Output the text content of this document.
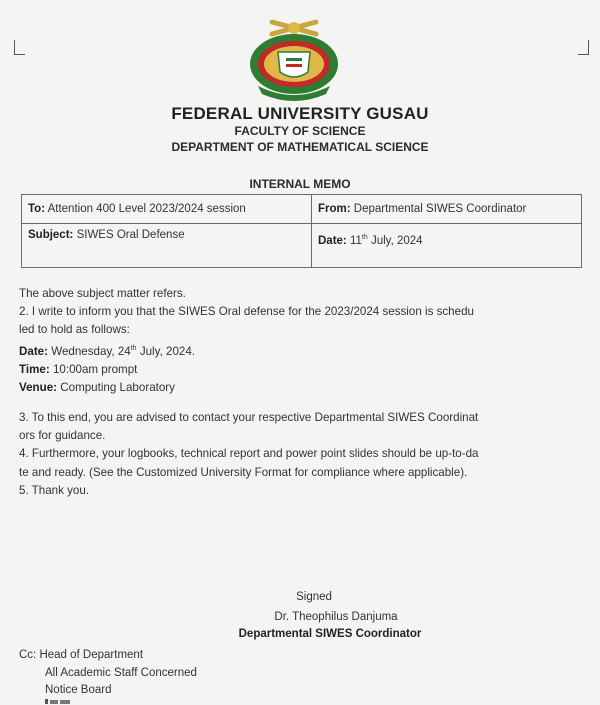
FEDERAL UNIVERSITY GUSAU
FACULTY OF SCIENCE
DEPARTMENT OF MATHEMATICAL SCIENCE
INTERNAL MEMO
To: Attention 400 Level 2023/2024 session	From: Departmental SIWES Coordinator
Subject: SIWES Oral Defense	Date: 11th July, 2024
The above subject matter refers.
2. I write to inform you that the SIWES Oral defense for the 2023/2024 session is schedu
led to hold as follows:
Date: Wednesday, 24th July, 2024.
Time: 10:00am prompt
Venue: Computing Laboratory
3. To this end, you are advised to contact your respective Departmental SIWES Coordinat
ors for guidance.
4. Furthermore, your logbooks, technical report and power point slides should be up-to-da
te and ready. (See the Customized University Format for compliance where applicable).
5. Thank you.
Signed
Dr. Theophilus Danjuma
Departmental SIWES Coordinator
Cc: Head of Department
All Academic Staff Concerned
Notice Board
